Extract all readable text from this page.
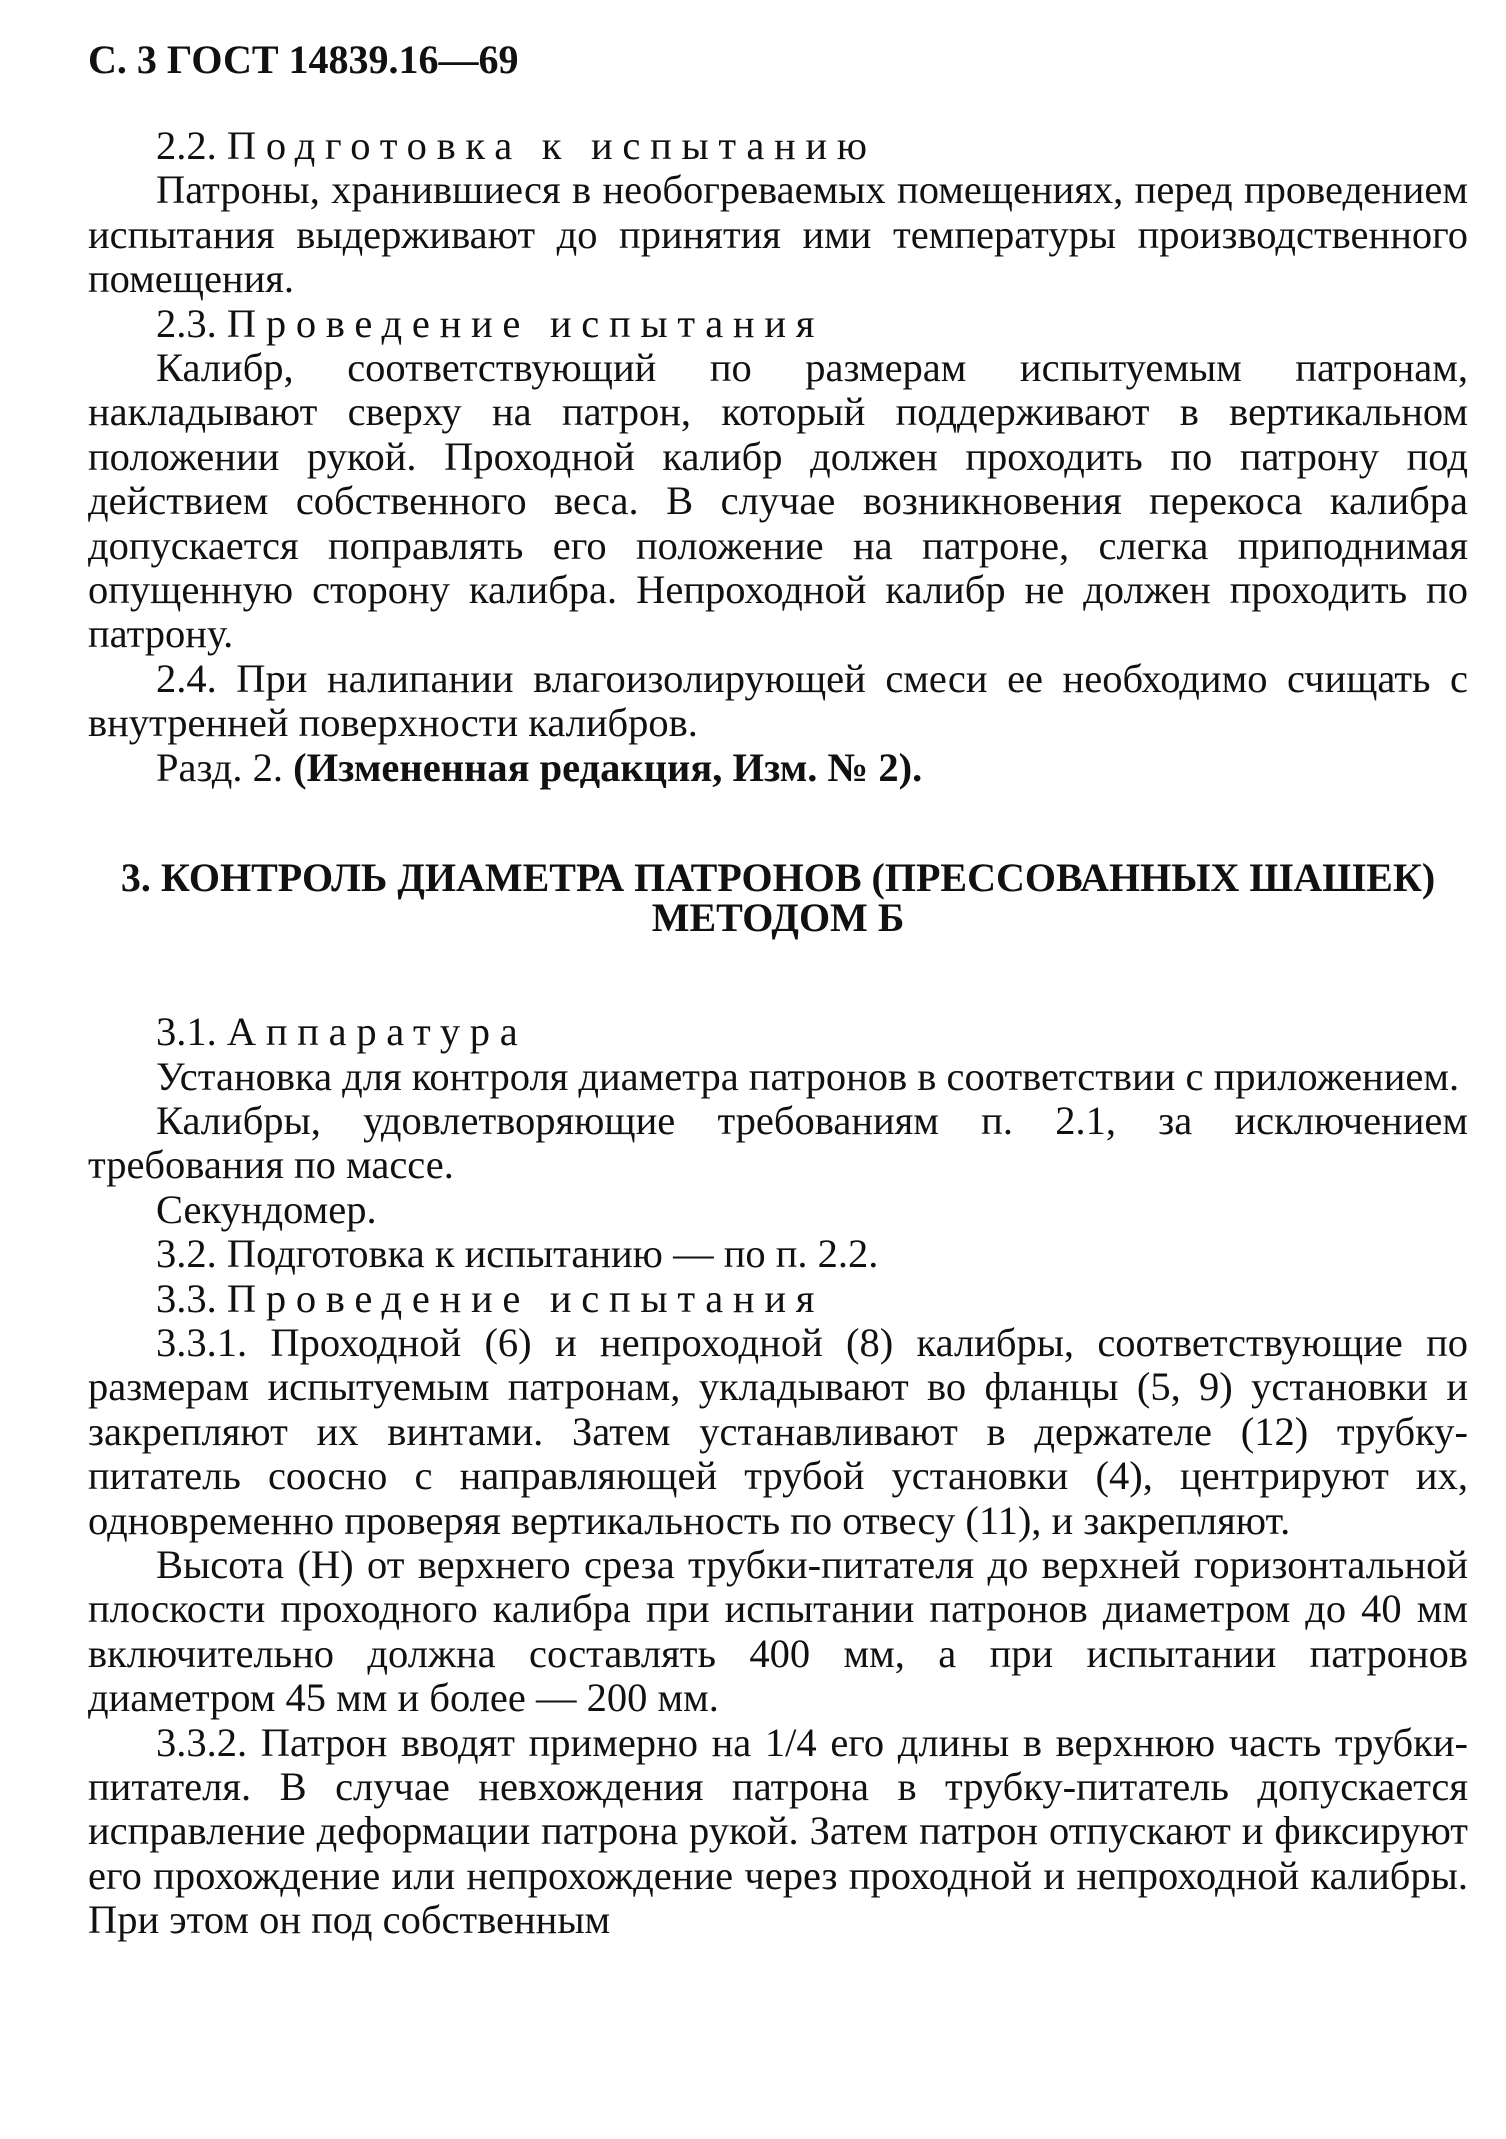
С. 3 ГОСТ 14839.16—69

2.2. Подготовка к испытанию

Патроны, хранившиеся в необогреваемых помещениях, перед проведением испытания выдерживают до принятия ими температуры производственного помещения.

2.3. Проведение испытания

Калибр, соответствующий по размерам испытуемым патронам, накладывают сверху на патрон, который поддерживают в вертикальном положении рукой. Проходной калибр должен проходить по патрону под действием собственного веса. В случае возникновения перекоса калибра допускается поправлять его положение на патроне, слегка приподнимая опущенную сторону калибра. Непроходной калибр не должен проходить по патрону.

2.4. При налипании влагоизолирующей смеси ее необходимо счищать с внутренней поверхности калибров.

Разд. 2. (Измененная редакция, Изм. № 2).

3. КОНТРОЛЬ ДИАМЕТРА ПАТРОНОВ (ПРЕССОВАННЫХ ШАШЕК)
МЕТОДОМ Б

3.1. Аппаратура

Установка для контроля диаметра патронов в соответствии с приложением.

Калибры, удовлетворяющие требованиям п. 2.1, за исключением требования по массе.

Секундомер.

3.2. Подготовка к испытанию — по п. 2.2.

3.3. Проведение испытания

3.3.1. Проходной (6) и непроходной (8) калибры, соответствующие по размерам испытуемым патронам, укладывают во фланцы (5, 9) установки и закрепляют их винтами. Затем устанавливают в держателе (12) трубку-питатель соосно с направляющей трубой установки (4), центрируют их, одновременно проверяя вертикальность по отвесу (11), и закрепляют.

Высота (H) от верхнего среза трубки-питателя до верхней горизонтальной плоскости проходного калибра при испытании патронов диаметром до 40 мм включительно должна составлять 400 мм, а при испытании патронов диаметром 45 мм и более — 200 мм.

3.3.2. Патрон вводят примерно на 1/4 его длины в верхнюю часть трубки-питателя. В случае невхождения патрона в трубку-питатель допускается исправление деформации патрона рукой. Затем патрон отпускают и фиксируют его прохождение или непрохождение через проходной и непроходной калибры. При этом он под собственным
